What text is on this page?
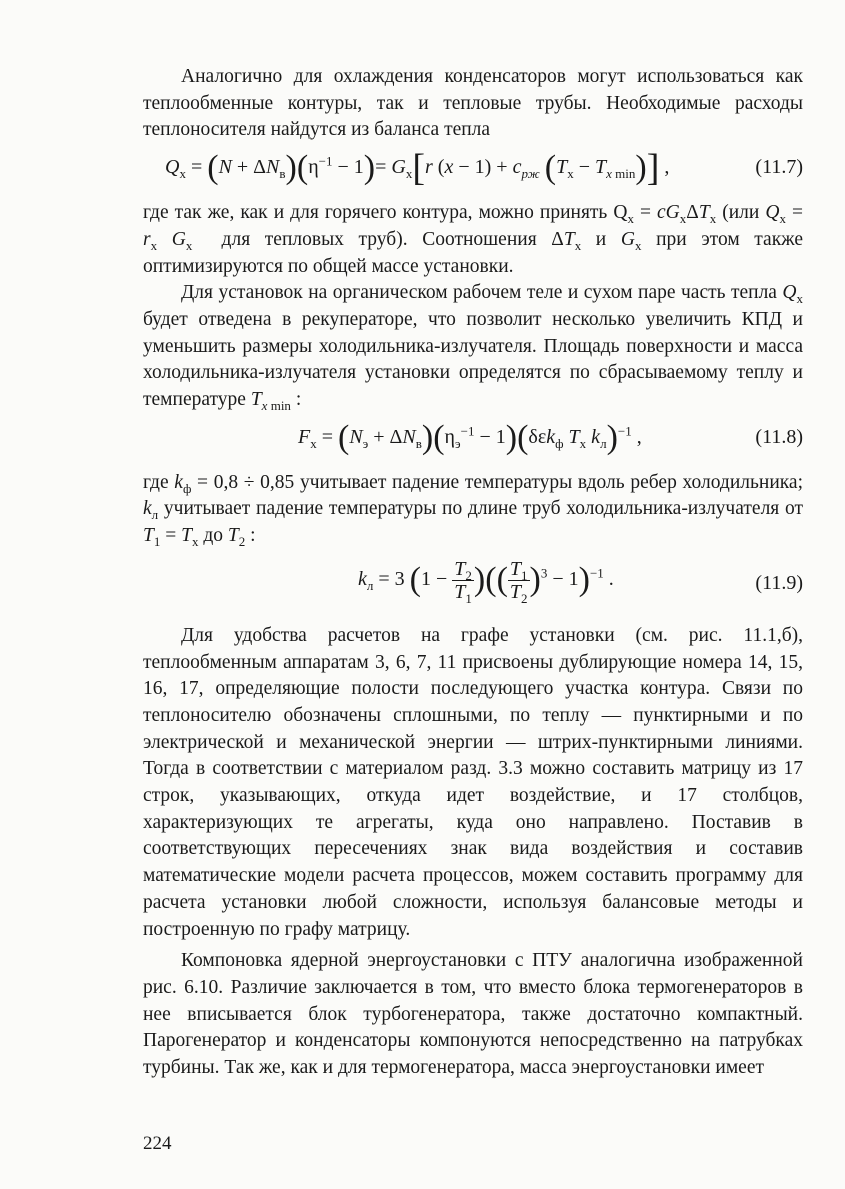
Аналогично для охлаждения конденсаторов могут использоваться как теплообменные контуры, так и тепловые трубы. Необходимые расходы теплоносителя найдутся из баланса тепла

$Q_x = (N + \Delta N_в)(\eta^{-1} - 1)= G_x[r$ $(x - 1) + c_{рж}$ ($T_x - T_x$ $_{min}$)] ,	(11.7)

где так же, как и для горячего контура, можно принять $Q_x = cG_x\Delta T_x$ (или $Q_x = r_x$ $G_x$ для тепловых труб). Соотношения $\Delta T_x$ и $G_x$ при этом также оптимизируются по общей массе установки.

Для установок на органическом рабочем теле и сухом паре часть тепла $Q_x$ будет отведена в рекуператоре, что позволит несколько увеличить КПД и уменьшить размеры холодильника-излучателя. Площадь поверхности и масса холодильника-излучателя установки определятся по сбрасываемому теплу и температуре $T_x$ $_{min}$ :

$F_x = (N_э + \Delta N_в)(\eta_э^{-1} - 1)(\delta\varepsilon k_ф$ $T_x$ $k_л)^{-1}$ ,	(11.8)

где $k_ф = 0,8 \div 0,85$ учитывает падение температуры вдоль ребер холодильника; $k_л$ учитывает падение температуры по длине труб холодильника-излучателя от $T_1 = T_x$ до $T_2$ :

$k_л = 3$ ($1 - \frac{T_2}{T_1}$ )(( $\frac{T_1}{T_2} )^3 - 1)^{-1}$ .	(11.9)

Для удобства расчетов на графе установки (см. рис. 11.1,б), теплообменным аппаратам 3, 6, 7, 11 присвоены дублирующие номера 14, 15, 16, 17, определяющие полости последующего участка контура. Связи по теплоносителю обозначены сплошными, по теплу — пунктирными и по электрической и механической энергии — штрих-пунктирными линиями. Тогда в соответствии с материалом разд. 3.3 можно составить матрицу из 17 строк, указывающих, откуда идет воздействие, и 17 столбцов, характеризующих те агрегаты, куда оно направлено. Поставив в соответствующих пересечениях знак вида воздействия и составив математические модели расчета процессов, можем составить программу для расчета установки любой сложности, используя балансовые методы и построенную по графу матрицу.

Компоновка ядерной энергоустановки с ПТУ аналогична изображенной рис. 6.10. Различие заключается в том, что вместо блока термогенераторов в нее вписывается блок турбогенератора, также достаточно компактный. Парогенератор и конденсаторы компонуются непосредственно на патрубках турбины. Так же, как и для термогенератора, масса энергоустановки имеет

224
